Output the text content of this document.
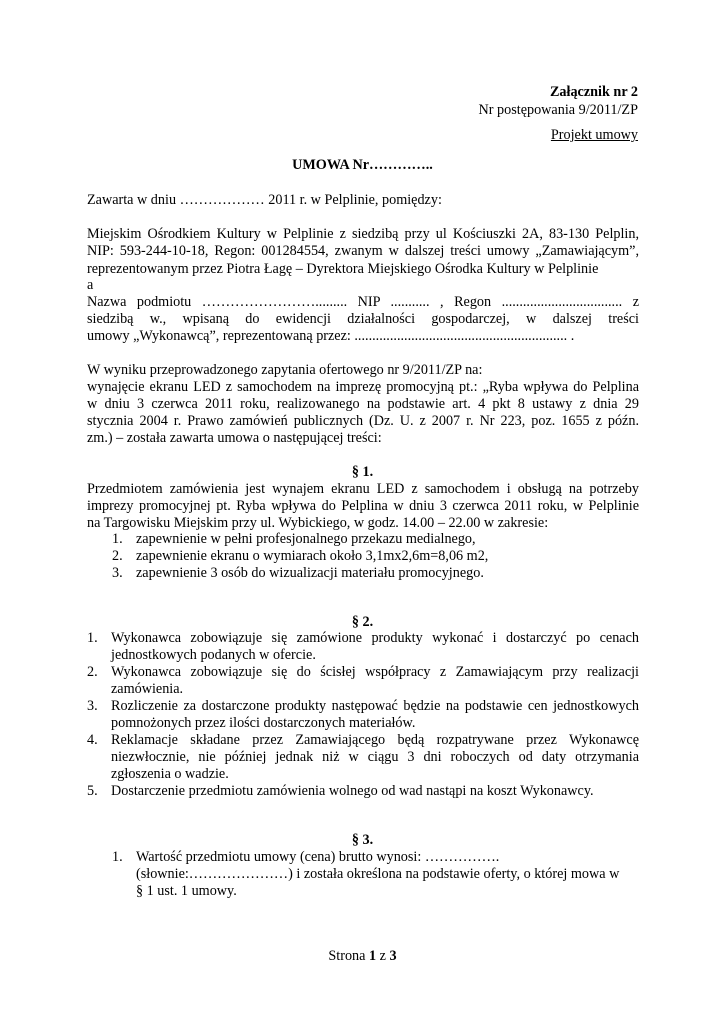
Załącznik nr 2
Nr postępowania 9/2011/ZP
Projekt umowy
UMOWA Nr…………..
Zawarta w dniu ……………… 2011 r. w Pelplinie, pomiędzy:
Miejskim Ośrodkiem Kultury w Pelplinie z siedzibą przy ul Kościuszki 2A, 83-130 Pelplin,
NIP: 593-244-10-18, Regon: 001284554, zwanym w dalszej treści umowy „Zamawiającym”,
reprezentowanym przez Piotra Łagę – Dyrektora Miejskiego Ośrodka Kultury w Pelplinie
a
Nazwa podmiotu ……………………......... NIP ........... , Regon .................................. z
siedzibą w., wpisaną do ewidencji działalności gospodarczej, w dalszej treści
umowy „Wykonawcą”, reprezentowaną przez: ............................................................ .
W wyniku przeprowadzonego zapytania ofertowego nr 9/2011/ZP na:
wynajęcie ekranu LED z samochodem na imprezę promocyjną pt.: „Ryba wpływa do Pelplina
w dniu 3 czerwca 2011 roku, realizowanego na podstawie art. 4 pkt 8 ustawy z dnia 29
stycznia 2004 r. Prawo zamówień publicznych (Dz. U. z 2007 r. Nr 223, poz. 1655 z późn.
zm.) – została zawarta umowa o następującej treści:
§ 1.
Przedmiotem zamówienia jest wynajem ekranu LED z samochodem i obsługą na potrzeby
imprezy promocyjnej pt. Ryba wpływa do Pelplina w dniu 3 czerwca 2011 roku, w Pelplinie
na Targowisku Miejskim przy ul. Wybickiego, w godz. 14.00 – 22.00 w zakresie:
1. zapewnienie w pełni profesjonalnego przekazu medialnego,
2. zapewnienie ekranu o wymiarach około 3,1mx2,6m=8,06 m2,
3. zapewnienie 3 osób do wizualizacji materiału promocyjnego.
§ 2.
1. Wykonawca zobowiązuje się zamówione produkty wykonać i dostarczyć po cenach
jednostkowych podanych w ofercie.
2. Wykonawca zobowiązuje się do ścisłej współpracy z Zamawiającym przy realizacji
zamówienia.
3. Rozliczenie za dostarczone produkty następować będzie na podstawie cen jednostkowych
pomnożonych przez ilości dostarczonych materiałów.
4. Reklamacje składane przez Zamawiającego będą rozpatrywane przez Wykonawcę
niezwłocznie, nie później jednak niż w ciągu 3 dni roboczych od daty otrzymania
zgłoszenia o wadzie.
5. Dostarczenie przedmiotu zamówienia wolnego od wad nastąpi na koszt Wykonawcy.
§ 3.
1. Wartość przedmiotu umowy (cena) brutto wynosi: …………….
(słownie:…………………) i została określona na podstawie oferty, o której mowa w
§ 1 ust. 1 umowy.
Strona 1 z 3
